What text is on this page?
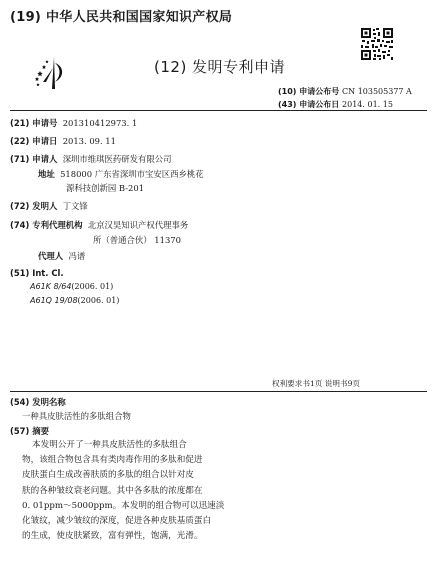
(19) 中华人民共和国国家知识产权局
(12) 发明专利申请
(10) 申请公布号 CN 103505377 A
(43) 申请公布日 2014. 01. 15
(21) 申请号 201310412973. 1
(22) 申请日 2013. 09. 11
(71) 申请人 深圳市维琪医药研发有限公司
地址 518000 广东省深圳市宝安区西乡桃花
源科技创新园 B-201
(72) 发明人 丁文锋
(74) 专利代理机构 北京汉昊知识产权代理事务
所（普通合伙） 11370
代理人 冯谱
(51) Int. Cl.
A61K 8/64(2006. 01)
A61Q 19/08(2006. 01)
权利要求书1页 说明书9页
(54) 发明名称
一种具皮肤活性的多肽组合物
(57) 摘要
本发明公开了一种具皮肤活性的多肽组合
物，该组合物包含具有类肉毒作用的多肽和促进
皮肤蛋白生成改善肤质的多肽的组合以针对皮
肤的各种皱纹衰老问题。其中各多肽的浓度都在
0. 01ppm～5000ppm。本发明的组合物可以迅速淡
化皱纹，减少皱纹的深度，促进各种皮肤基质蛋白
的生成，使皮肤紧致，富有弹性，饱满，光滑。
